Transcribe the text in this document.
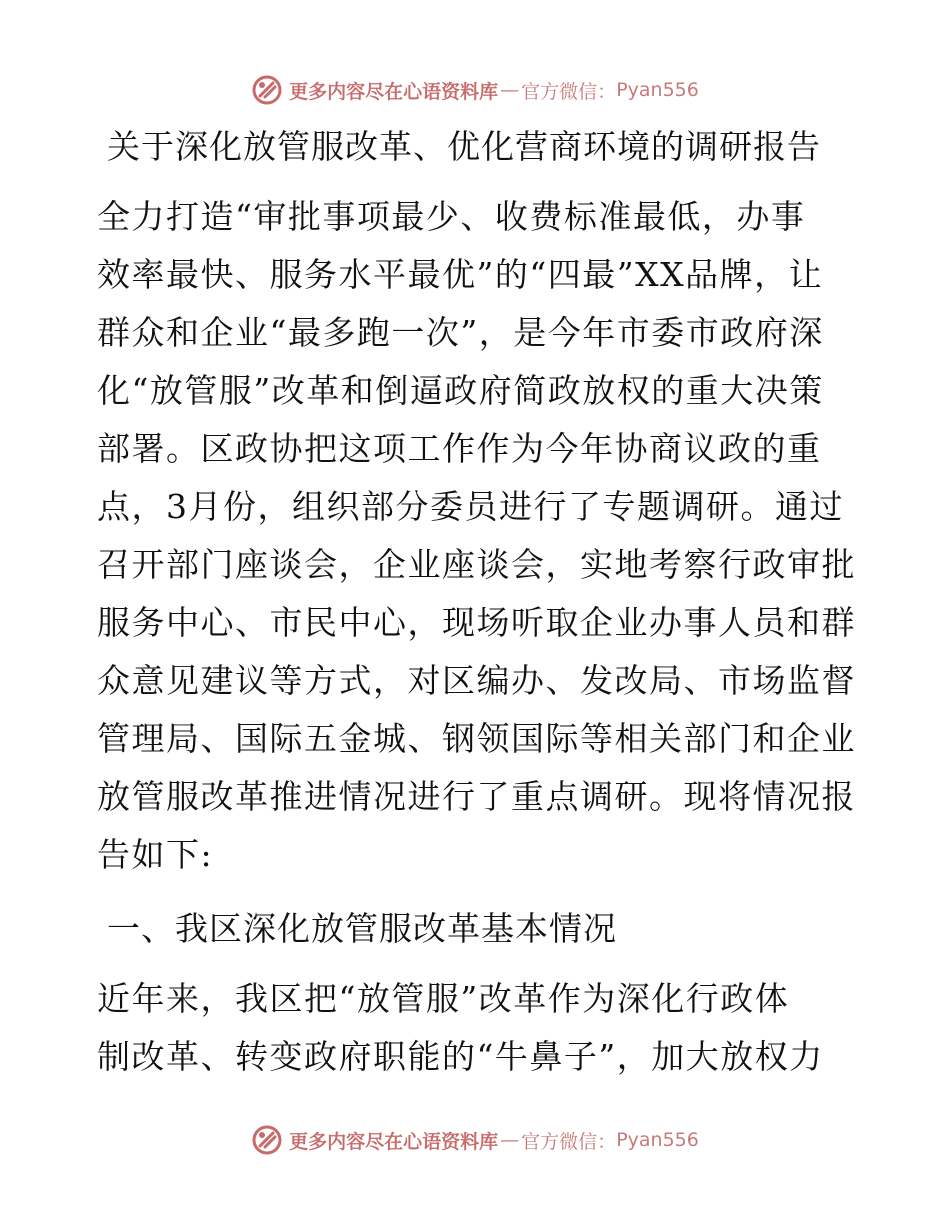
更多内容尽在心语资料库 — 官方微信： Pyan556
关于深化放管服改革、优化营商环境的调研报告

全力打造“审批事项最少、收费标准最低，办事
效率最快、服务水平最优”的“四最”XX品牌，让
群众和企业“最多跑一次”，是今年市委市政府深
化“放管服”改革和倒逼政府简政放权的重大决策
部署。区政协把这项工作作为今年协商议政的重
点，3月份，组织部分委员进行了专题调研。通过
召开部门座谈会，企业座谈会，实地考察行政审批
服务中心、市民中心，现场听取企业办事人员和群
众意见建议等方式，对区编办、发改局、市场监督
管理局、国际五金城、钢领国际等相关部门和企业
放管服改革推进情况进行了重点调研。现将情况报
告如下:

一、我区深化放管服改革基本情况

近年来，我区把“放管服”改革作为深化行政体
制改革、转变政府职能的“牛鼻子”，加大放权力

更多内容尽在心语资料库 — 官方微信： Pyan556
